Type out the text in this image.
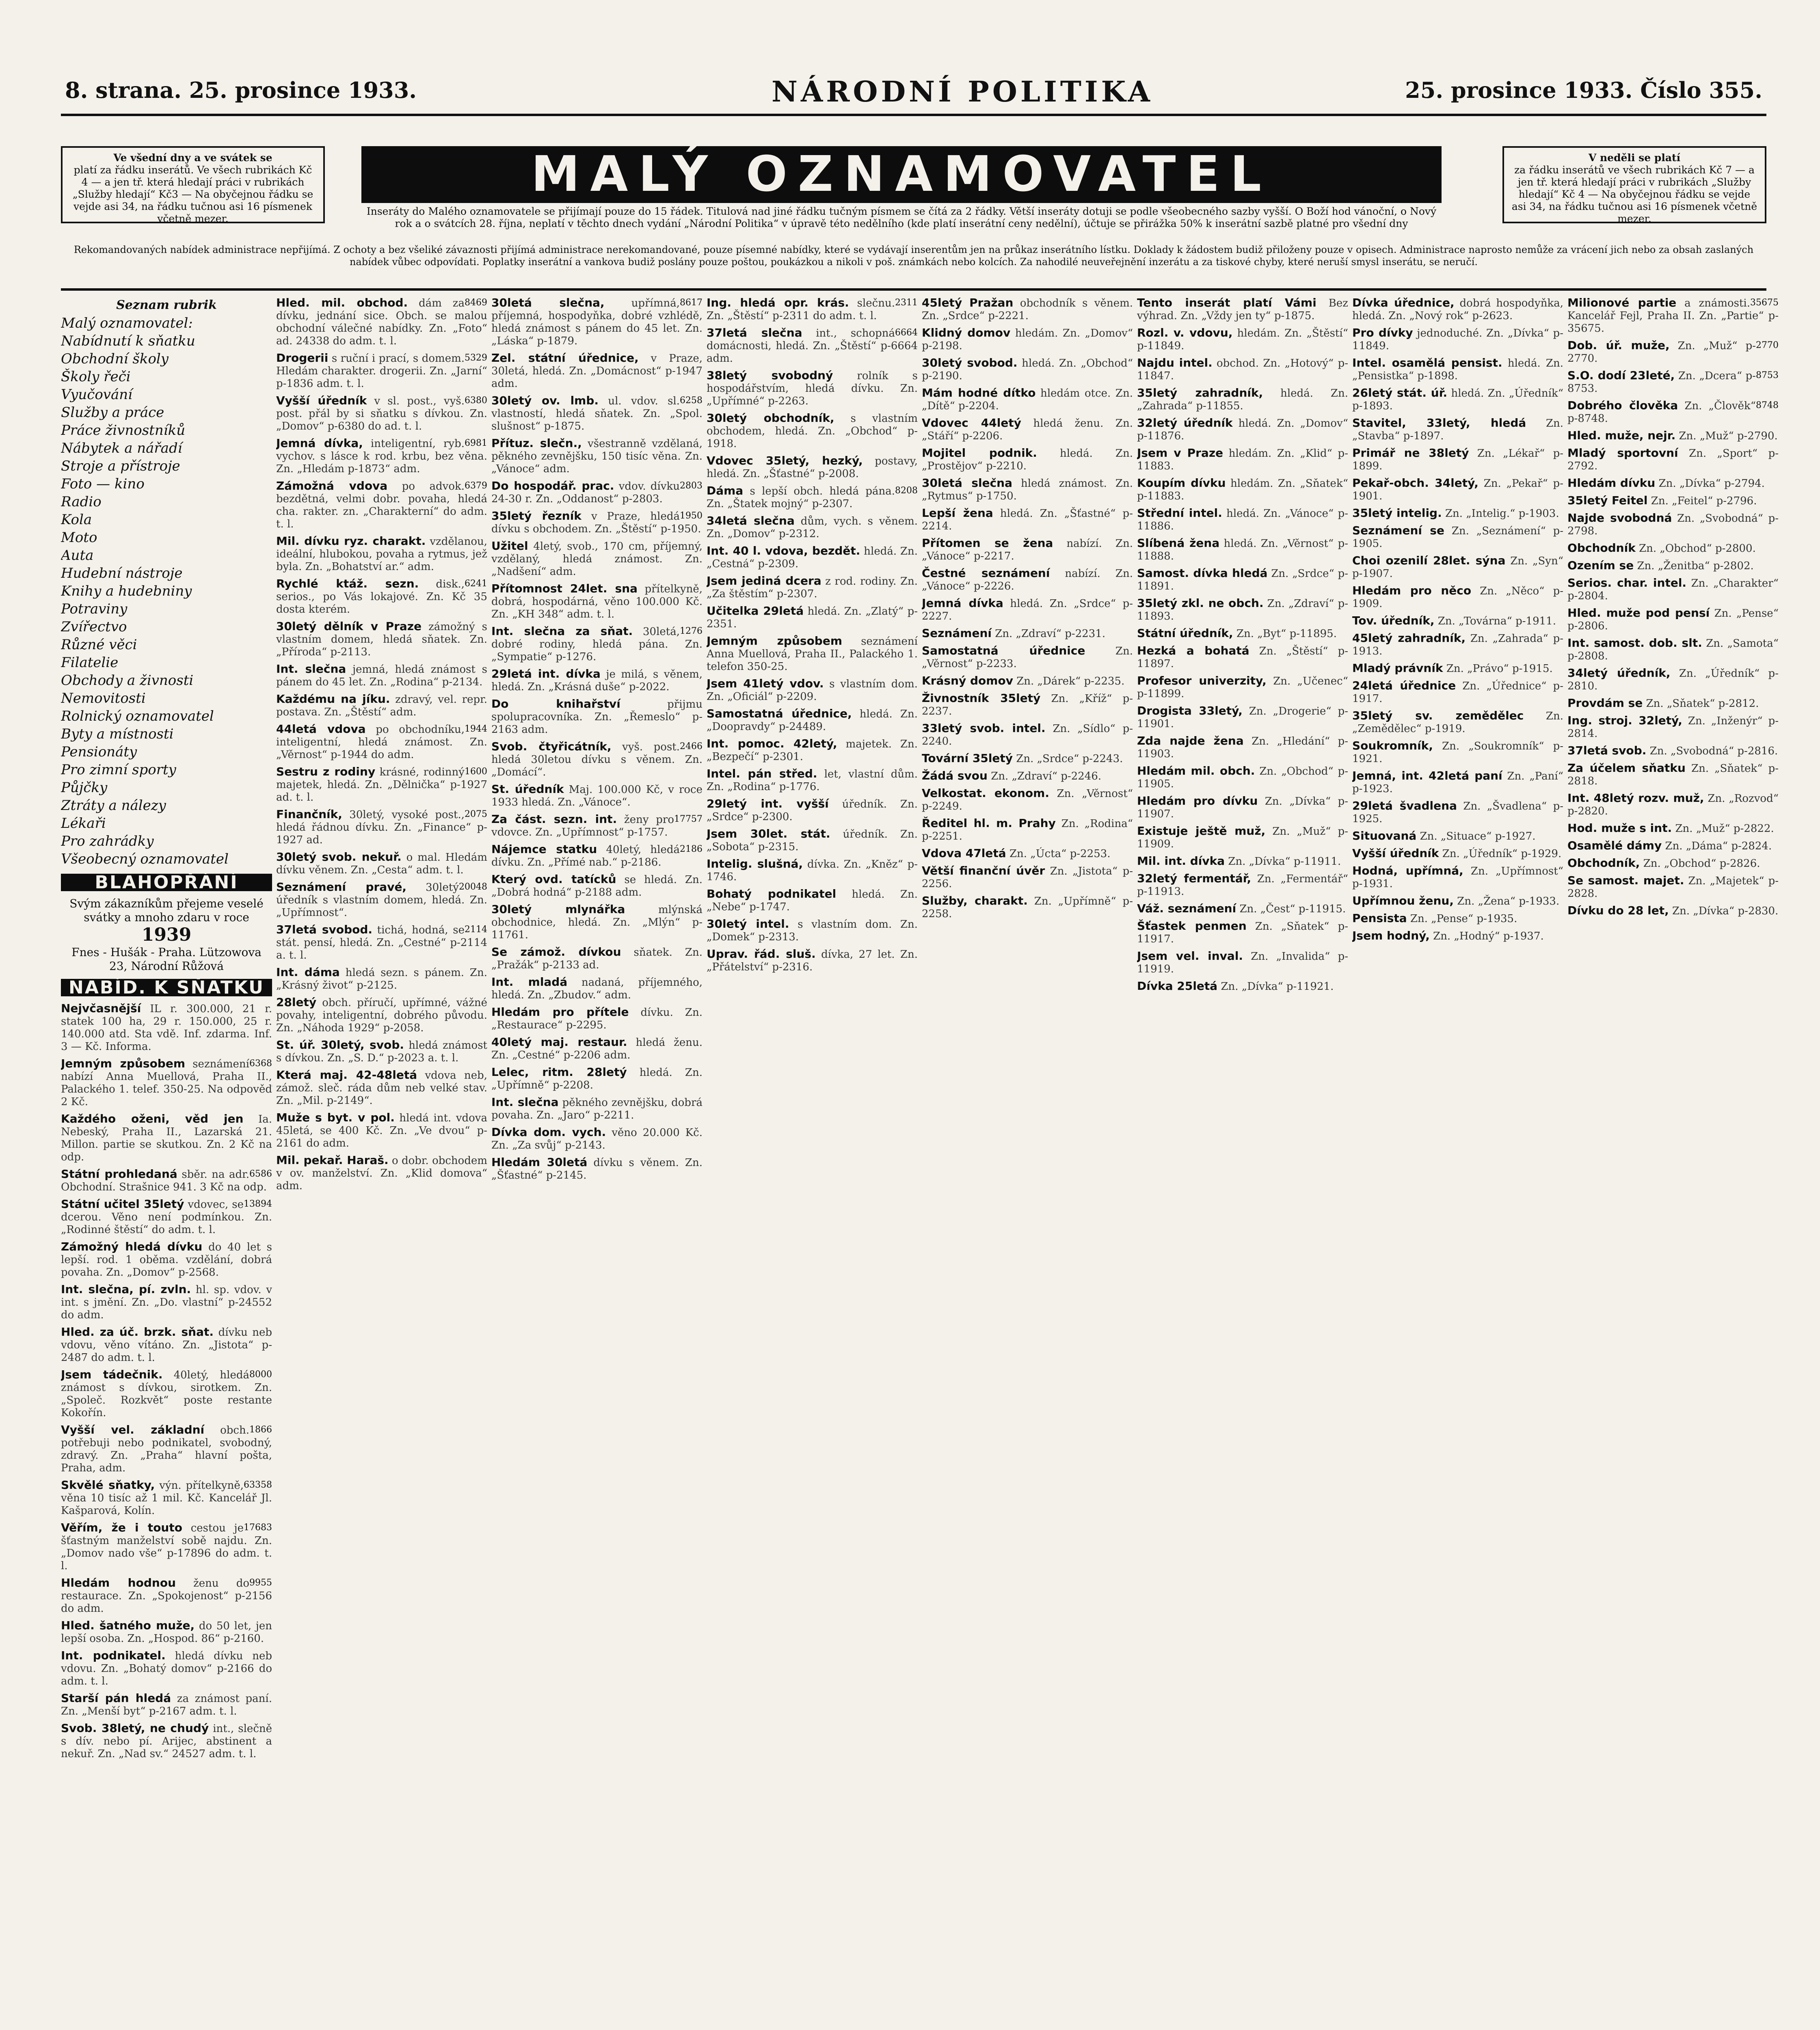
8. strana. 25. prosince 1933.	NÁRODNÍ POLITIKA	25. prosince 1933. Číslo 355.
Ve všední dny a ve svátek se
platí za řádku inserátů. Ve všech rubrikách Kč 4 — a jen tř. která hledají práci v rubrikách „Služby hledají“ Kč3 — Na obyčejnou řádku se vejde asi 34, na řádku tučnou asi 16 písmenek včetně mezer.
MALÝ OZNAMOVATEL
Inseráty do Malého oznamovatele se přijímají pouze do 15 řádek. Titulová nad jiné řádku tučným písmem se čítá za 2 řádky. Větší inseráty dotuji se podle všeobecného sazby vyšší. O Boží hod vánoční, o Nový rok a o svátcích 28. října, neplatí v těchto dnech vydání „Národní Politika“ v úpravě této nedělního (kde platí inserátní ceny nedělní), účtuje se přirážka 50% k inserátní sazbě platné pro všední dny
V neděli se platí
za řádku inserátů ve všech rubrikách Kč 7 — a jen tř. která hledají práci v rubrikách „Služby hledají“ Kč 4 — Na obyčejnou řádku se vejde asi 34, na řádku tučnou asi 16 písmenek včetně mezer.
Rekomandovaných nabídek administrace nepřijímá. Z ochoty a bez všeliké závaznosti přijímá administrace nerekomandované, pouze písemné nabídky, které se vydávají inserentům jen na průkaz inserátního lístku. Doklady k žádostem budiž přiloženy pouze v opisech. Administrace naprosto nemůže za vrácení jich nebo za obsah zaslaných nabídek vůbec odpovídati. Poplatky inserátní a vankova budiž poslány pouze poštou, poukázkou a nikoli v poš. známkách nebo kolcích. Za nahodilé neuveřejnění inzerátu a za tiskové chyby, které neruší smysl inserátu, se neručí.
Seznam rubrik
Malý oznamovatel:
Nabídnutí k sňatku
Obchodní školy
Školy řeči
Vyučování
Služby a práce
Práce živnostníků
Nábytek a nářadí
Stroje a přístroje
Foto — kino
Radio
Kola
Moto
Auta
Hudební nástroje
Knihy a hudebniny
Potraviny
Zvířectvo
Různé věci
Filatelie
Obchody a živnosti
Nemovitosti
Rolnický oznamovatel
Byty a místnosti
Pensionáty
Pro zimní sporty
Půjčky
Ztráty a nálezy
Lékaři
Pro zahrádky
Všeobecný oznamovatel
BLAHOPŘÁNÍ
Svým zákazníkům přejeme veselé svátky a mnoho zdaru v roce
1939
Fnes - Hušák - Praha. Lützowova 23, Národní Růžová
NABÍD. K SŇATKU
Nejvčasnější IL r. 300.000, 21 r. statek 100 ha, 29 r. 150.000, 25 r. 140.000 atd. Sta vdě. Inf. zdarma. Inf. 3 — Kč. Informa.
6368
Jemným způsobem seznámení nabízí Anna Muellová, Praha II., Palackého 1. telef. 350-25. Na odpověď 2 Kč.
Každého oženi, věd jen Ia. Nebeský, Praha II., Lazarská 21. Millon. partie se skutkou. Zn. 2 Kč na odp.
6586
Státní prohledaná sběr. na adr. Obchodní. Strašnice 941. 3 Kč na odp.
13894
Státní učitel 35letý vdovec, se dcerou. Věno není podmínkou. Zn. „Rodinné štěstí“ do adm. t. l.
Zámožný hledá dívku do 40 let s lepší. rod. 1 oběma. vzdělání, dobrá povaha. Zn. „Domov“ p-2568.
Int. slečna, pí. zvln. hl. sp. vdov. v int. s jmění. Zn. „Do. vlastní“ p-24552 do adm.
Hled. za úč. brzk. sňat. dívku neb vdovu, věno vítáno. Zn. „Jistota“ p-2487 do adm. t. l.
8000
Jsem tádečnik. 40letý, hledá známost s dívkou, sirotkem. Zn. „Společ. Rozkvět“ poste restante Kokořín.
1866
Vyšší vel. základní obch. potřebuji nebo podnikatel, svobodný, zdravý. Zn. „Praha“ hlavní pošta, Praha, adm.
63358
Skvělé sňatky, výn. přítelkyně, věna 10 tisíc až 1 mil. Kč. Kancelář Jl. Kašparová, Kolín.
17683
Věřím, že i touto cestou je šťastným manželství sobě najdu. Zn. „Domov nado vše“ p-17896 do adm. t. l.
9955
Hledám hodnou ženu do restaurace. Zn. „Spokojenost“ p-2156 do adm.
Hled. šatného muže, do 50 let, jen lepší osoba. Zn. „Hospod. 86“ p-2160.
Int. podnikatel. hledá dívku neb vdovu. Zn. „Bohatý domov“ p-2166 do adm. t. l.
Starší pán hledá za známost paní. Zn. „Menší byt“ p-2167 adm. t. l.
Svob. 38letý, ne chudý int., slečně s dív. nebo pí. Arijec, abstinent a nekuř. Zn. „Nad sv.“ 24527 adm. t. l.
8469
Hled. mil. obchod. dám za dívku, jednání sice. Obch. se malou obchodní válečné nabídky. Zn. „Foto“ ad. 24338 do adm. t. l.
5329
Drogerii s ruční i prací, s domem. Hledám charakter. drogerii. Zn. „Jarní“ p-1836 adm. t. l.
6380
Vyšší úředník v sl. post., vyš. post. přál by si sňatku s dívkou. Zn. „Domov“ p-6380 do ad. t. l.
6981
Jemná dívka, inteligentní, ryb. vychov. s lásce k rod. krbu, bez věna. Zn. „Hledám p-1873“ adm.
6379
Zámožná vdova po advok. bezdětná, velmi dobr. povaha, hledá cha. rakter. zn. „Charakterní“ do adm. t. l.
Mil. dívku ryz. charakt. vzdělanou, ideální, hlubokou, povaha a rytmus, jež byla. Zn. „Bohatství ar.“ adm.
6241
Rychlé ktáž. sezn. disk., serios., po Vás lokajové. Zn. Kč 35 dosta kterém.
30letý dělník v Praze zámožný s vlastním domem, hledá sňatek. Zn. „Příroda“ p-2113.
Int. slečna jemná, hledá známost s pánem do 45 let. Zn. „Rodina“ p-2134.
Každému na jíku. zdravý, vel. repr. postava. Zn. „Štěstí“ adm.
1944
44letá vdova po obchodníku, inteligentní, hledá známost. Zn. „Věrnost“ p-1944 do adm.
1600
Sestru z rodiny krásné, rodinný majetek, hledá. Zn. „Dělnička“ p-1927 ad. t. l.
2075
Finančník, 30letý, vysoké post., hledá řádnou dívku. Zn. „Finance“ p-1927 ad.
30letý svob. nekuř. o mal. Hledám dívku věnem. Zn. „Cesta“ adm. t. l.
20048
Seznámení pravé, 30letý úředník s vlastním domem, hledá. Zn. „Upřímnost“.
2114
37letá svobod. tichá, hodná, se stát. pensí, hledá. Zn. „Cestné“ p-2114 a. t. l.
Int. dáma hledá sezn. s pánem. Zn. „Krásný život“ p-2125.
28letý obch. příručí, upřímné, vážné povahy, inteligentní, dobrého původu. Zn. „Náhoda 1929“ p-2058.
St. úř. 30letý, svob. hledá známost s dívkou. Zn. „S. D.“ p-2023 a. t. l.
Která maj. 42-48letá vdova neb, zámož. sleč. ráda dům neb velké stav. Zn. „Mil. p-2149“.
Muže s byt. v pol. hledá int. vdova 45letá, se 400 Kč. Zn. „Ve dvou“ p-2161 do adm.
Mil. pekař. Haraš. o dobr. obchodem v ov. manželství. Zn. „Klid domova“ adm.
8617
30letá slečna,	upřímná, příjemná, hospodyňka, dobré vzhlédě, hledá známost s pánem do 45 let. Zn. „Láska“ p-1879.
Zel. státní úřednice, v Praze, 30letá, hledá. Zn. „Domácnost“ p-1947 adm.
6258
30letý ov. lmb. ul. vdov. sl. vlastností, hledá sňatek. Zn. „Spol. slušnost“ p-1875.
Přítuz. slečn., všestranně vzdělaná, pěkného zevnějšku, 150 tisíc věna. Zn. „Vánoce“ adm.
2803
Do hospodář. prac. vdov. dívku 24-30 r. Zn. „Oddanost“ p-2803.
1950
35letý řezník v Praze, hledá dívku s obchodem. Zn. „Štěstí“ p-1950.
Užitel 4letý, svob., 170 cm, příjemný, vzdělaný, hledá známost. Zn. „Nadšení“ adm.
Přítomnost 24let. sna přítelkyně, dobrá, hospodárná, věno 100.000 Kč. Zn. „KH 348“ adm. t. l.
1276
Int. slečna za sňat. 30letá, dobré rodiny, hledá pána. Zn. „Sympatie“ p-1276.
29letá int. dívka je milá, s věnem, hledá. Zn. „Krásná duše“ p-2022.
Do knihařství	přijmu spolupracovníka. Zn. „Řemeslo“ p-2163 adm.
2466
Svob. čtyřicátník, vyš. post. hledá 30letou dívku s věnem. Zn. „Domácí“.
St. úředník Maj. 100.000 Kč, v roce 1933 hledá. Zn. „Vánoce“.
17757
Za část. sezn. int. ženy pro vdovce. Zn. „Upřímnost“ p-1757.
2186
Nájemce statku 40letý, hledá dívku. Zn. „Přímé nab.“ p-2186.
Který ovd. tatícků se hledá. Zn. „Dobrá hodná“ p-2188 adm.
30letý mlynářka	mlýnská obchodnice, hledá. Zn. „Mlýn“ p-11761.
Se zámož. dívkou sňatek. Zn. „Pražák“ p-2133 ad.
Int. mladá nadaná, příjemného, hledá. Zn. „Zbudov.“ adm.
Hledám pro přítele dívku. Zn. „Restaurace“ p-2295.
40letý maj. restaur. hledá ženu. Zn. „Cestné“ p-2206 adm.
Lelec, ritm. 28letý hledá. Zn. „Upřímně“ p-2208.
Int. slečna pěkného zevnějšku, dobrá povaha. Zn. „Jaro“ p-2211.
Dívka dom. vych. věno 20.000 Kč. Zn. „Za svůj“ p-2143.
Hledám 30letá dívku s věnem. Zn. „Šťastné“ p-2145.
2311
Ing. hledá opr. krás. slečnu. Zn. „Štěstí“ p-2311 do adm. t. l.
6664
37letá slečna int., schopná domácnosti, hledá. Zn. „Štěstí“ p-6664 adm.
38letý svobodný rolník s hospodářstvím, hledá dívku. Zn. „Upřímné“ p-2263.
30letý obchodník, s vlastním obchodem, hledá. Zn. „Obchod“ p-1918.
Vdovec 35letý, hezký, postavy, hledá. Zn. „Šťastné“ p-2008.
8208
Dáma s lepší obch. hledá pána. Zn. „Štatek mojný“ p-2307.
34letá slečna dům, vych. s věnem. Zn. „Domov“ p-2312.
Int. 40 l. vdova, bezdět. hledá. Zn. „Cestná“ p-2309.
Jsem jediná dcera z rod. rodiny. Zn. „Za štěstím“ p-2307.
Učitelka 29letá hledá. Zn. „Zlatý“ p-2351.
Jemným způsobem seznámení Anna Muellová, Praha II., Palackého 1. telefon 350-25.
Jsem 41letý vdov. s vlastním dom. Zn. „Oficiál“ p-2209.
Samostatná úřednice, hledá. Zn. „Doopravdy“ p-24489.
Int. pomoc. 42letý, majetek. Zn. „Bezpečí“ p-2301.
Intel. pán střed. let, vlastní dům. Zn. „Rodina“ p-1776.
29letý int. vyšší úředník. Zn. „Srdce“ p-2300.
Jsem 30let. stát. úředník. Zn. „Sobota“ p-2315.
Intelig. slušná, dívka. Zn. „Kněz“ p-1746.
Bohatý podnikatel hledá. Zn. „Nebe“ p-1747.
30letý intel. s vlastním dom. Zn. „Domek“ p-2313.
Uprav. řád. sluš. dívka, 27 let. Zn. „Přátelství“ p-2316.
45letý Pražan obchodník s věnem. Zn. „Srdce“ p-2221.
Klidný domov hledám. Zn. „Domov“ p-2198.
30letý svobod. hledá. Zn. „Obchod“ p-2190.
Mám hodné dítko hledám otce. Zn. „Dítě“ p-2204.
Vdovec 44letý hledá ženu. Zn. „Stáří“ p-2206.
Mojitel podnik. hledá. Zn. „Prostějov“ p-2210.
30letá slečna hledá známost. Zn. „Rytmus“ p-1750.
Lepší žena hledá. Zn. „Šťastné“ p-2214.
Přítomen se žena nabízí. Zn. „Vánoce“ p-2217.
Čestné seznámení nabízí. Zn. „Vánoce“ p-2226.
Jemná dívka hledá. Zn. „Srdce“ p-2227.
Seznámení Zn. „Zdraví“ p-2231.
Samostatná úřednice	Zn. „Věrnost“ p-2233.
Krásný domov Zn. „Dárek“ p-2235.
Živnostník 35letý Zn. „Kříž“ p-2237.
33letý svob. intel. Zn. „Sídlo“ p-2240.
Tovární 35letý Zn. „Srdce“ p-2243.
Žádá svou Zn. „Zdraví“ p-2246.
Velkostat. ekonom. Zn. „Věrnost“ p-2249.
Ředitel hl. m. Prahy Zn. „Rodina“ p-2251.
Vdova 47letá Zn. „Úcta“ p-2253.
Větší finanční úvěr Zn. „Jistota“ p-2256.
Služby, charakt. Zn. „Upřímně“ p-2258.
Tento inserát platí Vámi Bez výhrad. Zn. „Vždy jen ty“ p-1875.
Rozl. v. vdovu, hledám. Zn. „Štěstí“ p-11849.
Najdu intel. obchod. Zn. „Hotový“ p-11847.
35letý zahradník, hledá. Zn. „Zahrada“ p-11855.
32letý úředník hledá. Zn. „Domov“ p-11876.
Jsem v Praze hledám. Zn. „Klid“ p-11883.
Koupím dívku hledám. Zn. „Sňatek“ p-11883.
Střední intel. hledá. Zn. „Vánoce“ p-11886.
Slíbená žena hledá. Zn. „Věrnost“ p-11888.
Samost. dívka hledá Zn. „Srdce“ p-11891.
35letý zkl. ne obch. Zn. „Zdraví“ p-11893.
Státní úředník, Zn. „Byt“ p-11895.
Hezká a bohatá Zn. „Štěstí“ p-11897.
Profesor univerzity, Zn. „Učenec“ p-11899.
Drogista 33letý, Zn. „Drogerie“ p-11901.
Zda najde žena Zn. „Hledání“ p-11903.
Hledám mil. obch. Zn. „Obchod“ p-11905.
Hledám pro dívku Zn. „Dívka“ p-11907.
Existuje ještě muž, Zn. „Muž“ p-11909.
Mil. int. dívka Zn. „Dívka“ p-11911.
32letý fermentář, Zn. „Fermentář“ p-11913.
Váž. seznámení Zn. „Čest“ p-11915.
Šťastek penmen Zn. „Sňatek“ p-11917.
Jsem vel. inval. Zn. „Invalida“ p-11919.
Dívka 25letá Zn. „Dívka“ p-11921.
Dívka úřednice, dobrá hospodyňka, hledá. Zn. „Nový rok“ p-2623.
Pro dívky jednoduché. Zn. „Dívka“ p-11849.
Intel. osamělá pensist. hledá. Zn. „Pensistka“ p-1898.
26letý stát. úř. hledá. Zn. „Úředník“ p-1893.
Stavitel, 33letý, hledá Zn. „Stavba“ p-1897.
Primář ne 38letý Zn. „Lékař“ p-1899.
Pekař-obch. 34letý, Zn. „Pekař“ p-1901.
35letý intelig. Zn. „Intelig.“ p-1903.
Seznámení se Zn. „Seznámení“ p-1905.
Choi ozenilí 28let. sýna Zn. „Syn“ p-1907.
Hledám pro něco Zn. „Něco“ p-1909.
Tov. úředník, Zn. „Továrna“ p-1911.
45letý zahradník, Zn. „Zahrada“ p-1913.
Mladý právník Zn. „Právo“ p-1915.
24letá úřednice Zn. „Úřednice“ p-1917.
35letý sv. zemědělec Zn. „Zemědělec“ p-1919.
Soukromník, Zn. „Soukromník“ p-1921.
Jemná, int. 42letá paní Zn. „Paní“ p-1923.
29letá švadlena Zn. „Švadlena“ p-1925.
Situovaná Zn. „Situace“ p-1927.
Vyšší úředník Zn. „Úředník“ p-1929.
Hodná, upřímná, Zn. „Upřímnost“ p-1931.
Upřímnou ženu, Zn. „Žena“ p-1933.
Pensista Zn. „Pense“ p-1935.
Jsem hodný, Zn. „Hodný“ p-1937.
35675
Milionové partie a známosti. Kancelář Fejl, Praha II. Zn. „Partie“ p-35675.
2770
Dob. úř. muže, Zn. „Muž“ p-2770.
8753
S.O. dodí 23leté, Zn. „Dcera“ p-8753.
8748
Dobrého člověka Zn. „Člověk“ p-8748.
Hled. muže, nejr. Zn. „Muž“ p-2790.
Mladý sportovní Zn. „Sport“ p-2792.
Hledám dívku Zn. „Dívka“ p-2794.
35letý Feitel Zn. „Feitel“ p-2796.
Najde svobodná Zn. „Svobodná“ p-2798.
Obchodník Zn. „Obchod“ p-2800.
Ozením se Zn. „Ženitba“ p-2802.
Serios. char. intel. Zn. „Charakter“ p-2804.
Hled. muže pod pensí Zn. „Pense“ p-2806.
Int. samost. dob. slt. Zn. „Samota“ p-2808.
34letý úředník, Zn. „Úředník“ p-2810.
Provdám se Zn. „Sňatek“ p-2812.
Ing. stroj. 32letý, Zn. „Inženýr“ p-2814.
37letá svob. Zn. „Svobodná“ p-2816.
Za účelem sňatku Zn. „Sňatek“ p-2818.
Int. 48letý rozv. muž, Zn. „Rozvod“ p-2820.
Hod. muže s int. Zn. „Muž“ p-2822.
Osamělé dámy Zn. „Dáma“ p-2824.
Obchodník, Zn. „Obchod“ p-2826.
Se samost. majet. Zn. „Majetek“ p-2828.
Dívku do 28 let, Zn. „Dívka“ p-2830.
